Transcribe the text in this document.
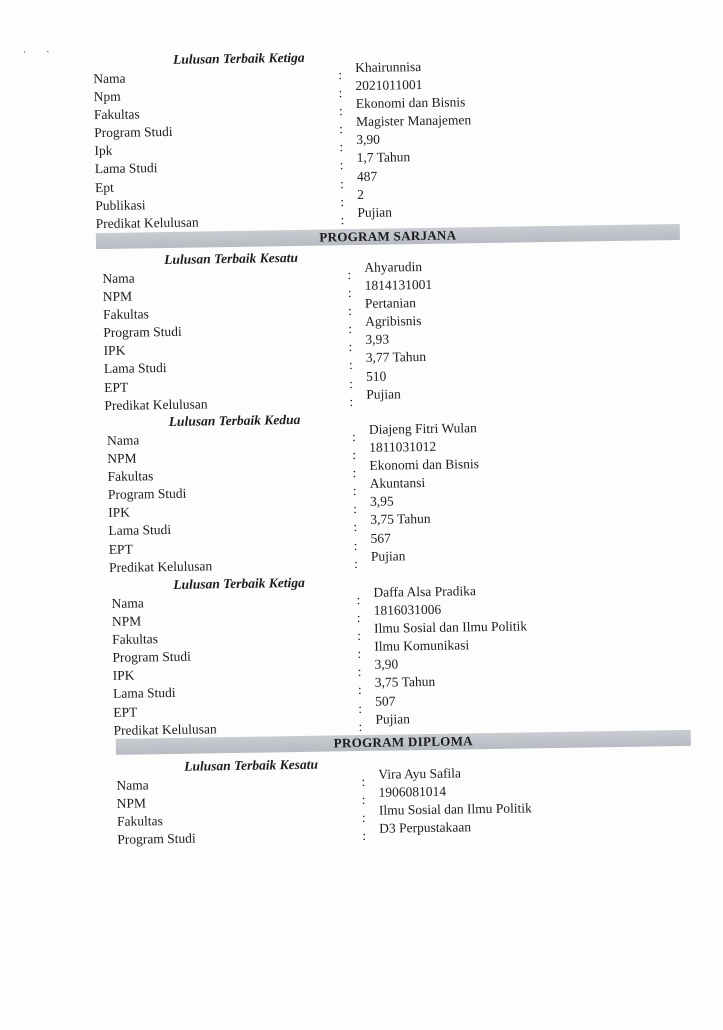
··	Lulusan Terbaik Ketiga
Nama	: Khairunnisa
Npm	: 2021011001
Fakultas	: Ekonomi dan Bisnis
Program Studi	: Magister Manajemen
Ipk	: 3,90
Lama Studi	: 1,7 Tahun
Ept	: 487
Publikasi	: 2
Predikat Kelulusan	: Pujian
PROGRAM SARJANA
Lulusan Terbaik Kesatu
Nama	: Ahyarudin
NPM	: 1814131001
Fakultas	: Pertanian
Program Studi	: Agribisnis
IPK	: 3,93
Lama Studi	: 3,77 Tahun
EPT	: 510
Predikat Kelulusan	: Pujian
Lulusan Terbaik Kedua
Nama	: Diajeng Fitri Wulan
NPM	: 1811031012
Fakultas	: Ekonomi dan Bisnis
Program Studi	: Akuntansi
IPK	: 3,95
Lama Studi	: 3,75 Tahun
EPT	: 567
Predikat Kelulusan	: Pujian
Lulusan Terbaik Ketiga
Nama	: Daffa Alsa Pradika
NPM	: 1816031006
Fakultas	: Ilmu Sosial dan Ilmu Politik
Program Studi	: Ilmu Komunikasi
IPK	: 3,90
Lama Studi	: 3,75 Tahun
EPT	: 507
Predikat Kelulusan	: Pujian
PROGRAM DIPLOMA
Lulusan Terbaik Kesatu
Nama	: Vira Ayu Safila
NPM	: 1906081014
Fakultas	: Ilmu Sosial dan Ilmu Politik
Program Studi	: D3 Perpustakaan
